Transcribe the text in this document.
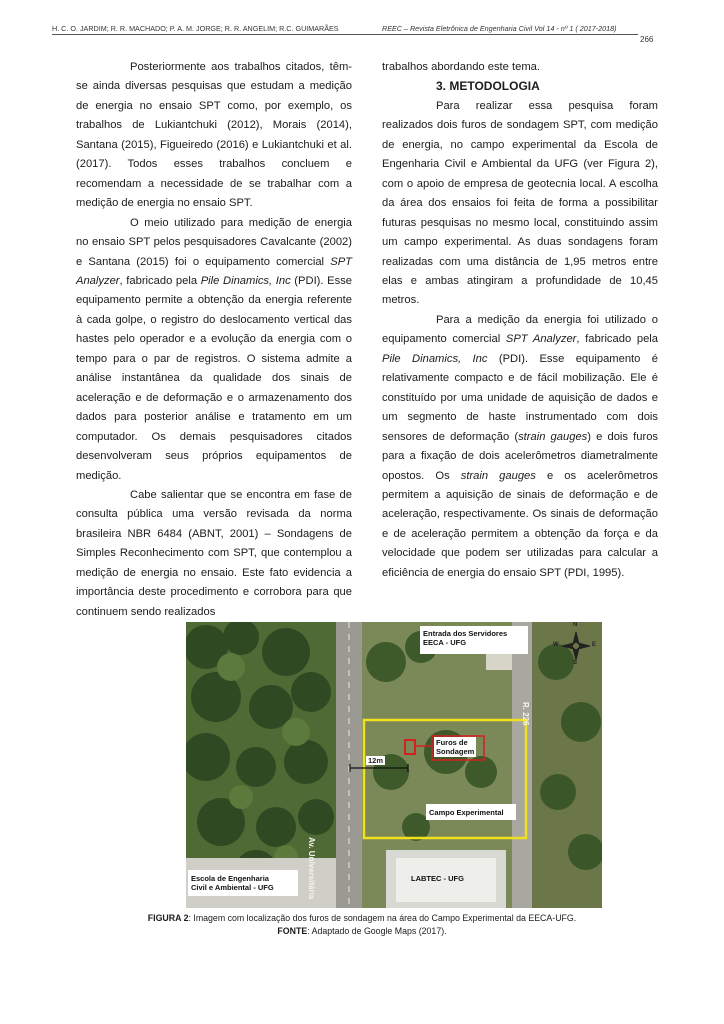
H. C. O. JARDIM; R. R. MACHADO; P. A. M. JORGE; R. R. ANGELIM; R.C. GUIMARÃES	REEC – Revista Eletrônica de Engenharia Civil Vol 14 - nº 1 ( 2017-2018)
266

Posteriormente aos trabalhos citados, têm-se ainda diversas pesquisas que estudam a medição de energia no ensaio SPT como, por exemplo, os trabalhos de Lukiantchuki (2012), Morais (2014), Santana (2015), Figueiredo (2016) e Lukiantchuki et al. (2017). Todos esses trabalhos concluem e recomendam a necessidade de se trabalhar com a medição de energia no ensaio SPT.

O meio utilizado para medição de energia no ensaio SPT pelos pesquisadores Cavalcante (2002) e Santana (2015) foi o equipamento comercial SPT Analyzer, fabricado pela Pile Dinamics, Inc (PDI). Esse equipamento permite a obtenção da energia referente à cada golpe, o registro do deslocamento vertical das hastes pelo operador e a evolução da energia com o tempo para o par de registros. O sistema admite a análise instantânea da qualidade dos sinais de aceleração e de deformação e o armazenamento dos dados para posterior análise e tratamento em um computador. Os demais pesquisadores citados desenvolveram seus próprios equipamentos de medição.

Cabe salientar que se encontra em fase de consulta pública uma versão revisada da norma brasileira NBR 6484 (ABNT, 2001) – Sondagens de Simples Reconhecimento com SPT, que contemplou a medição de energia no ensaio. Este fato evidencia a importância deste procedimento e corrobora para que continuem sendo realizados

trabalhos abordando este tema.

3. METODOLOGIA

Para realizar essa pesquisa foram realizados dois furos de sondagem SPT, com medição de energia, no campo experimental da Escola de Engenharia Civil e Ambiental da UFG (ver Figura 2), com o apoio de empresa de geotecnia local. A escolha da área dos ensaios foi feita de forma a possibilitar futuras pesquisas no mesmo local, constituindo assim um campo experimental. As duas sondagens foram realizadas com uma distância de 1,95 metros entre elas e ambas atingiram a profundidade de 10,45 metros.

Para a medição da energia foi utilizado o equipamento comercial SPT Analyzer, fabricado pela Pile Dinamics, Inc (PDI). Esse equipamento é relativamente compacto e de fácil mobilização. Ele é constituído por uma unidade de aquisição de dados e um segmento de haste instrumentado com dois sensores de deformação (strain gauges) e dois furos para a fixação de dois acelerômetros diametralmente opostos. Os strain gauges e os acelerômetros permitem a aquisição de sinais de deformação e de aceleração, respectivamente. Os sinais de deformação e de aceleração permitem a obtenção da força e da velocidade que podem ser utilizadas para calcular a eficiência de energia do ensaio SPT (PDI, 1995).

N
S
E
W
Entrada dos Servidores
EECA - UFG
Furos de
Sondagem
12m
Campo Experimental
Escola de Engenharia
Civil e Ambiental - UFG
LABTEC - UFG
Av. Universitária
R. 226
FIGURA 2: Imagem com localização dos furos de sondagem na área do Campo Experimental da EECA-UFG.
FONTE: Adaptado de Google Maps (2017).
